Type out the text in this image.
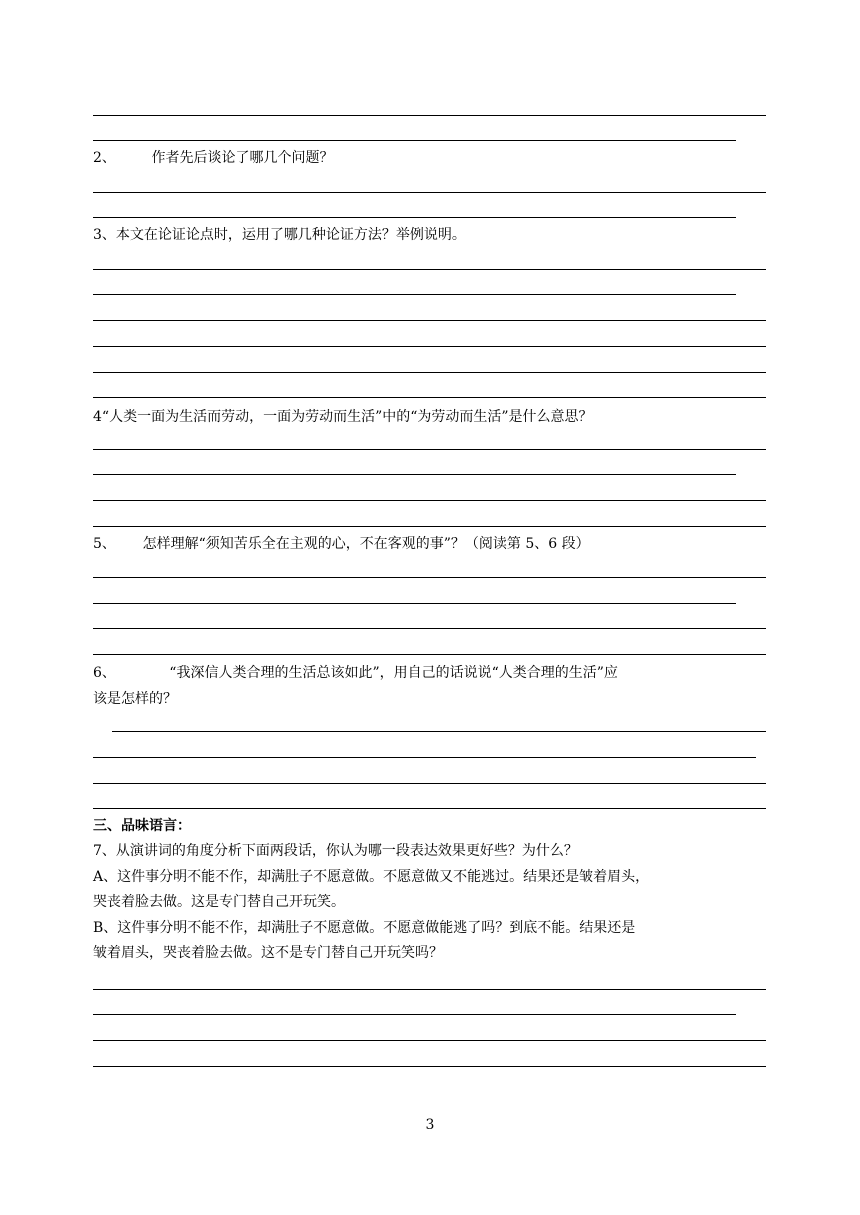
2、        作者先后谈论了哪几个问题？
3、本文在论证论点时，运用了哪几种论证方法？举例说明。
4“人类一面为生活而劳动，一面为劳动而生活”中的“为劳动而生活”是什么意思？
5、      怎样理解“须知苦乐全在主观的心，不在客观的事”？（阅读第 5、6 段）
6、            “我深信人类合理的生活总该如此”，用自己的话说说“人类合理的生活”应
该是怎样的？
三、品味语言：
7、从演讲词的角度分析下面两段话，你认为哪一段表达效果更好些？为什么？
A、这件事分明不能不作，却满肚子不愿意做。不愿意做又不能逃过。结果还是皱着眉头，
哭丧着脸去做。这是专门替自己开玩笑。
B、这件事分明不能不作，却满肚子不愿意做。不愿意做能逃了吗？到底不能。结果还是
皱着眉头，哭丧着脸去做。这不是专门替自己开玩笑吗？
3
